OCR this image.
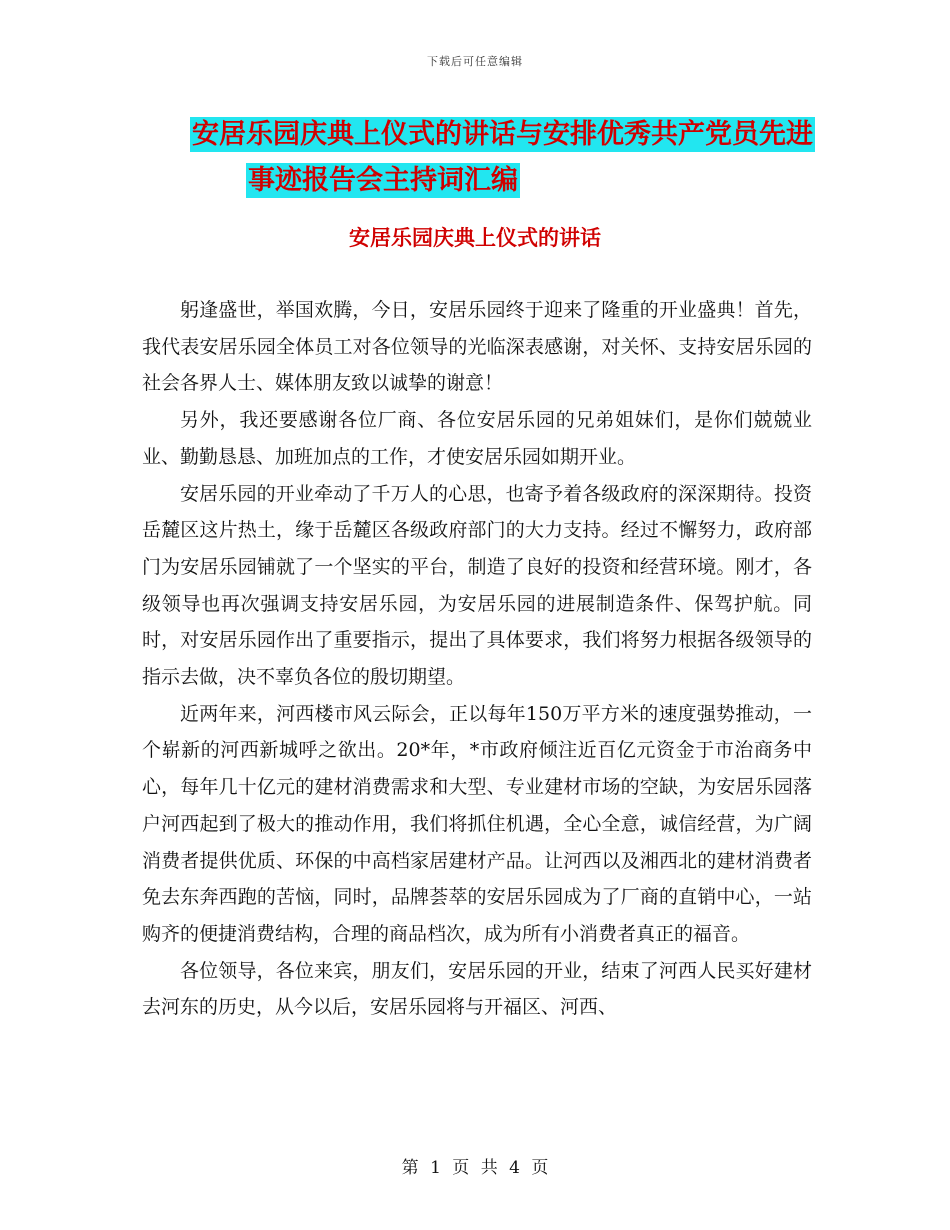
下载后可任意编辑
安居乐园庆典上仪式的讲话与安排优秀共产党员先进
事迹报告会主持词汇编
安居乐园庆典上仪式的讲话

躬逢盛世，举国欢腾，今日，安居乐园终于迎来了隆重的开业盛典！首先，我代表安居乐园全体员工对各位领导的光临深表感谢，对关怀、支持安居乐园的社会各界人士、媒体朋友致以诚挚的谢意！

另外，我还要感谢各位厂商、各位安居乐园的兄弟姐妹们，是你们兢兢业业、勤勤恳恳、加班加点的工作，才使安居乐园如期开业。

安居乐园的开业牵动了千万人的心思，也寄予着各级政府的深深期待。投资岳麓区这片热土，缘于岳麓区各级政府部门的大力支持。经过不懈努力，政府部门为安居乐园铺就了一个坚实的平台，制造了良好的投资和经营环境。刚才，各级领导也再次强调支持安居乐园，为安居乐园的进展制造条件、保驾护航。同时，对安居乐园作出了重要指示，提出了具体要求，我们将努力根据各级领导的指示去做，决不辜负各位的殷切期望。

近两年来，河西楼市风云际会，正以每年150万平方米的速度强势推动，一个崭新的河西新城呼之欲出。20*年，*市政府倾注近百亿元资金于市治商务中心，每年几十亿元的建材消费需求和大型、专业建材市场的空缺，为安居乐园落户河西起到了极大的推动作用，我们将抓住机遇，全心全意，诚信经营，为广阔消费者提供优质、环保的中高档家居建材产品。让河西以及湘西北的建材消费者免去东奔西跑的苦恼，同时，品牌荟萃的安居乐园成为了厂商的直销中心，一站购齐的便捷消费结构，合理的商品档次，成为所有小消费者真正的福音。

各位领导，各位来宾，朋友们，安居乐园的开业，结束了河西人民买好建材去河东的历史，从今以后，安居乐园将与开福区、河西、

第 1 页 共 4 页
